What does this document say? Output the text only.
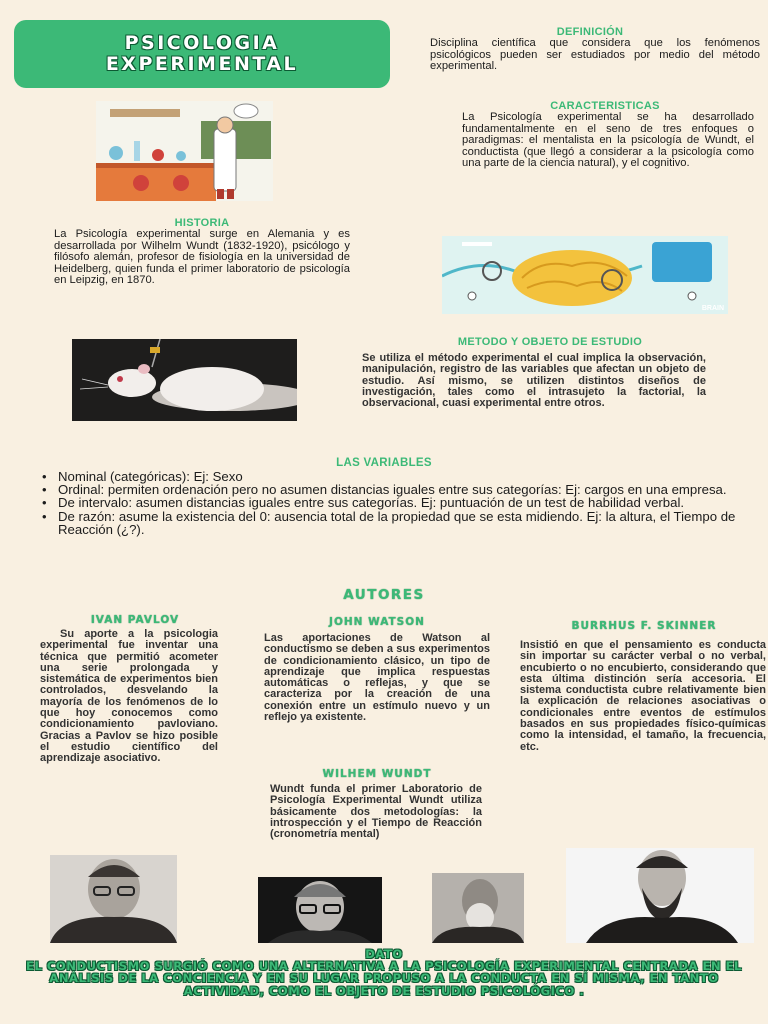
PSICOLOGIA
EXPERIMENTAL
DEFINICIÓN
Disciplina científica que considera que los fenómenos psicológicos pueden ser estudiados por medio del método experimental.
CARACTERISTICAS
La Psicología experimental se ha desarrollado fundamentalmente en el seno de tres enfoques o paradigmas: el mentalista en la psicología de Wundt, el conductista (que llegó a considerar a la psicología como una parte de la ciencia natural), y el cognitivo.
HISTORIA
La Psicología experimental surge en Alemania y es desarrollada por Wilhelm Wundt (1832-1920), psicólogo y filósofo alemán, profesor de fisiología en la universidad de Heidelberg, quien funda el primer laboratorio de psicología en Leipzig, en 1870.
BRAIN
METODO Y OBJETO DE ESTUDIO
Se utiliza el método experimental el cual implica la observación, manipulación, registro de las variables que afectan un objeto de estudio. Así mismo, se utilizen distintos diseños de investigación, tales como el intrasujeto la factorial, la observacional, cuasi experimental entre otros.
LAS VARIABLES
• Nominal (categóricas): Ej: Sexo
• Ordinal: permiten ordenación pero no asumen distancias iguales entre sus categorías: Ej: cargos en una empresa.
• De intervalo: asumen distancias iguales entre sus categorías. Ej: puntuación de un test de habilidad verbal.
• De razón: asume la existencia del 0: ausencia total de la propiedad que se esta midiendo. Ej: la altura, el Tiempo de Reacción (¿?).
AUTORES
IVAN PAVLOV
Su aporte a la psicologia experimental fue inventar una técnica que permitió acometer una serie prolongada y sistemática de experimentos bien controlados, desvelando la mayoría de los fenómenos de lo que hoy conocemos como condicionamiento pavloviano. Gracias a Pavlov se hizo posible el estudio científico del aprendizaje asociativo.
JOHN WATSON
Las aportaciones de Watson al conductismo se deben a sus experimentos de condicionamiento clásico, un tipo de aprendizaje que implica respuestas automáticas o reflejas, y que se caracteriza por la creación de una conexión entre un estímulo nuevo y un reflejo ya existente.
WILHEM WUNDT
Wundt funda el primer Laboratorio de Psicología Experimental Wundt utiliza básicamente dos metodologías: la introspección y el Tiempo de Reacción (cronometría mental)
BURRHUS F. SKINNER
Insistió en que el pensamiento es conducta sin importar su carácter verbal o no verbal, encubierto o no encubierto, considerando que esta última distinción sería accesoria. El sistema conductista cubre relativamente bien la explicación de relaciones asociativas o condicionales entre eventos de estímulos basados en sus propiedades físico-químicas como la intensidad, el tamaño, la frecuencia, etc.
DATO
EL CONDUCTISMO SURGIÓ COMO UNA ALTERNATIVA A LA PSICOLOGÍA EXPERIMENTAL CENTRADA EN EL ANÁLISIS DE LA CONCIENCIA Y EN SU LUGAR PROPUSO A LA CONDUCTA EN SÍ MISMA, EN TANTO ACTIVIDAD, COMO EL OBJETO DE ESTUDIO PSICOLÓGICO .
